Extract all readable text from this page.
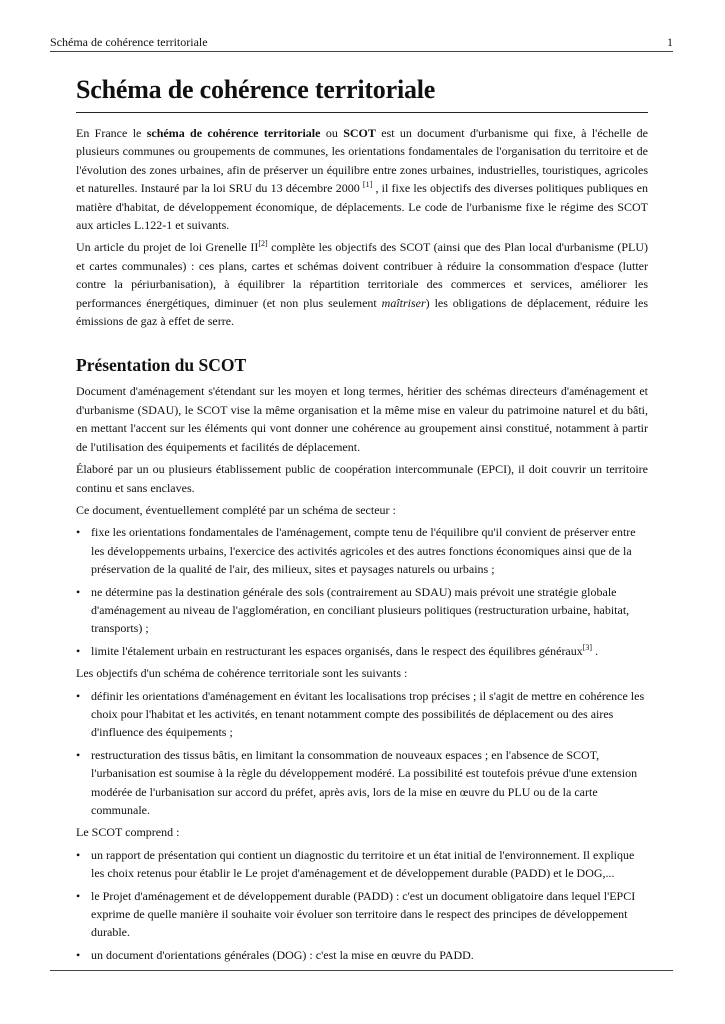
Schéma de cohérence territoriale	1
Schéma de cohérence territoriale

En France le schéma de cohérence territoriale ou SCOT est un document d'urbanisme qui fixe, à l'échelle de plusieurs communes ou groupements de communes, les orientations fondamentales de l'organisation du territoire et de l'évolution des zones urbaines, afin de préserver un équilibre entre zones urbaines, industrielles, touristiques, agricoles et naturelles. Instauré par la loi SRU du 13 décembre 2000 [1] , il fixe les objectifs des diverses politiques publiques en matière d'habitat, de développement économique, de déplacements. Le code de l'urbanisme fixe le régime des SCOT aux articles L.122-1 et suivants.

Un article du projet de loi Grenelle II[2] complète les objectifs des SCOT (ainsi que des Plan local d'urbanisme (PLU) et cartes communales) : ces plans, cartes et schémas doivent contribuer à réduire la consommation d'espace (lutter contre la périurbanisation), à équilibrer la répartition territoriale des commerces et services, améliorer les performances énergétiques, diminuer (et non plus seulement maîtriser) les obligations de déplacement, réduire les émissions de gaz à effet de serre.

Présentation du SCOT

Document d'aménagement s'étendant sur les moyen et long termes, héritier des schémas directeurs d'aménagement et d'urbanisme (SDAU), le SCOT vise la même organisation et la même mise en valeur du patrimoine naturel et du bâti, en mettant l'accent sur les éléments qui vont donner une cohérence au groupement ainsi constitué, notamment à partir de l'utilisation des équipements et facilités de déplacement.

Élaboré par un ou plusieurs établissement public de coopération intercommunale (EPCI), il doit couvrir un territoire continu et sans enclaves.

Ce document, éventuellement complété par un schéma de secteur :

• fixe les orientations fondamentales de l'aménagement, compte tenu de l'équilibre qu'il convient de préserver entre les développements urbains, l'exercice des activités agricoles et des autres fonctions économiques ainsi que de la préservation de la qualité de l'air, des milieux, sites et paysages naturels ou urbains ;
• ne détermine pas la destination générale des sols (contrairement au SDAU) mais prévoit une stratégie globale d'aménagement au niveau de l'agglomération, en conciliant plusieurs politiques (restructuration urbaine, habitat, transports) ;
• limite l'étalement urbain en restructurant les espaces organisés, dans le respect des équilibres généraux[3] .

Les objectifs d'un schéma de cohérence territoriale sont les suivants :

• définir les orientations d'aménagement en évitant les localisations trop précises ; il s'agit de mettre en cohérence les choix pour l'habitat et les activités, en tenant notamment compte des possibilités de déplacement ou des aires d'influence des équipements ;
• restructuration des tissus bâtis, en limitant la consommation de nouveaux espaces ; en l'absence de SCOT, l'urbanisation est soumise à la règle du développement modéré. La possibilité est toutefois prévue d'une extension modérée de l'urbanisation sur accord du préfet, après avis, lors de la mise en œuvre du PLU ou de la carte communale.

Le SCOT comprend :

• un rapport de présentation qui contient un diagnostic du territoire et un état initial de l'environnement. Il explique les choix retenus pour établir le Le projet d'aménagement et de développement durable (PADD) et le DOG,...
• le Projet d'aménagement et de développement durable (PADD) : c'est un document obligatoire dans lequel l'EPCI exprime de quelle manière il souhaite voir évoluer son territoire dans le respect des principes de développement durable.
• un document d'orientations générales (DOG) : c'est la mise en œuvre du PADD.
